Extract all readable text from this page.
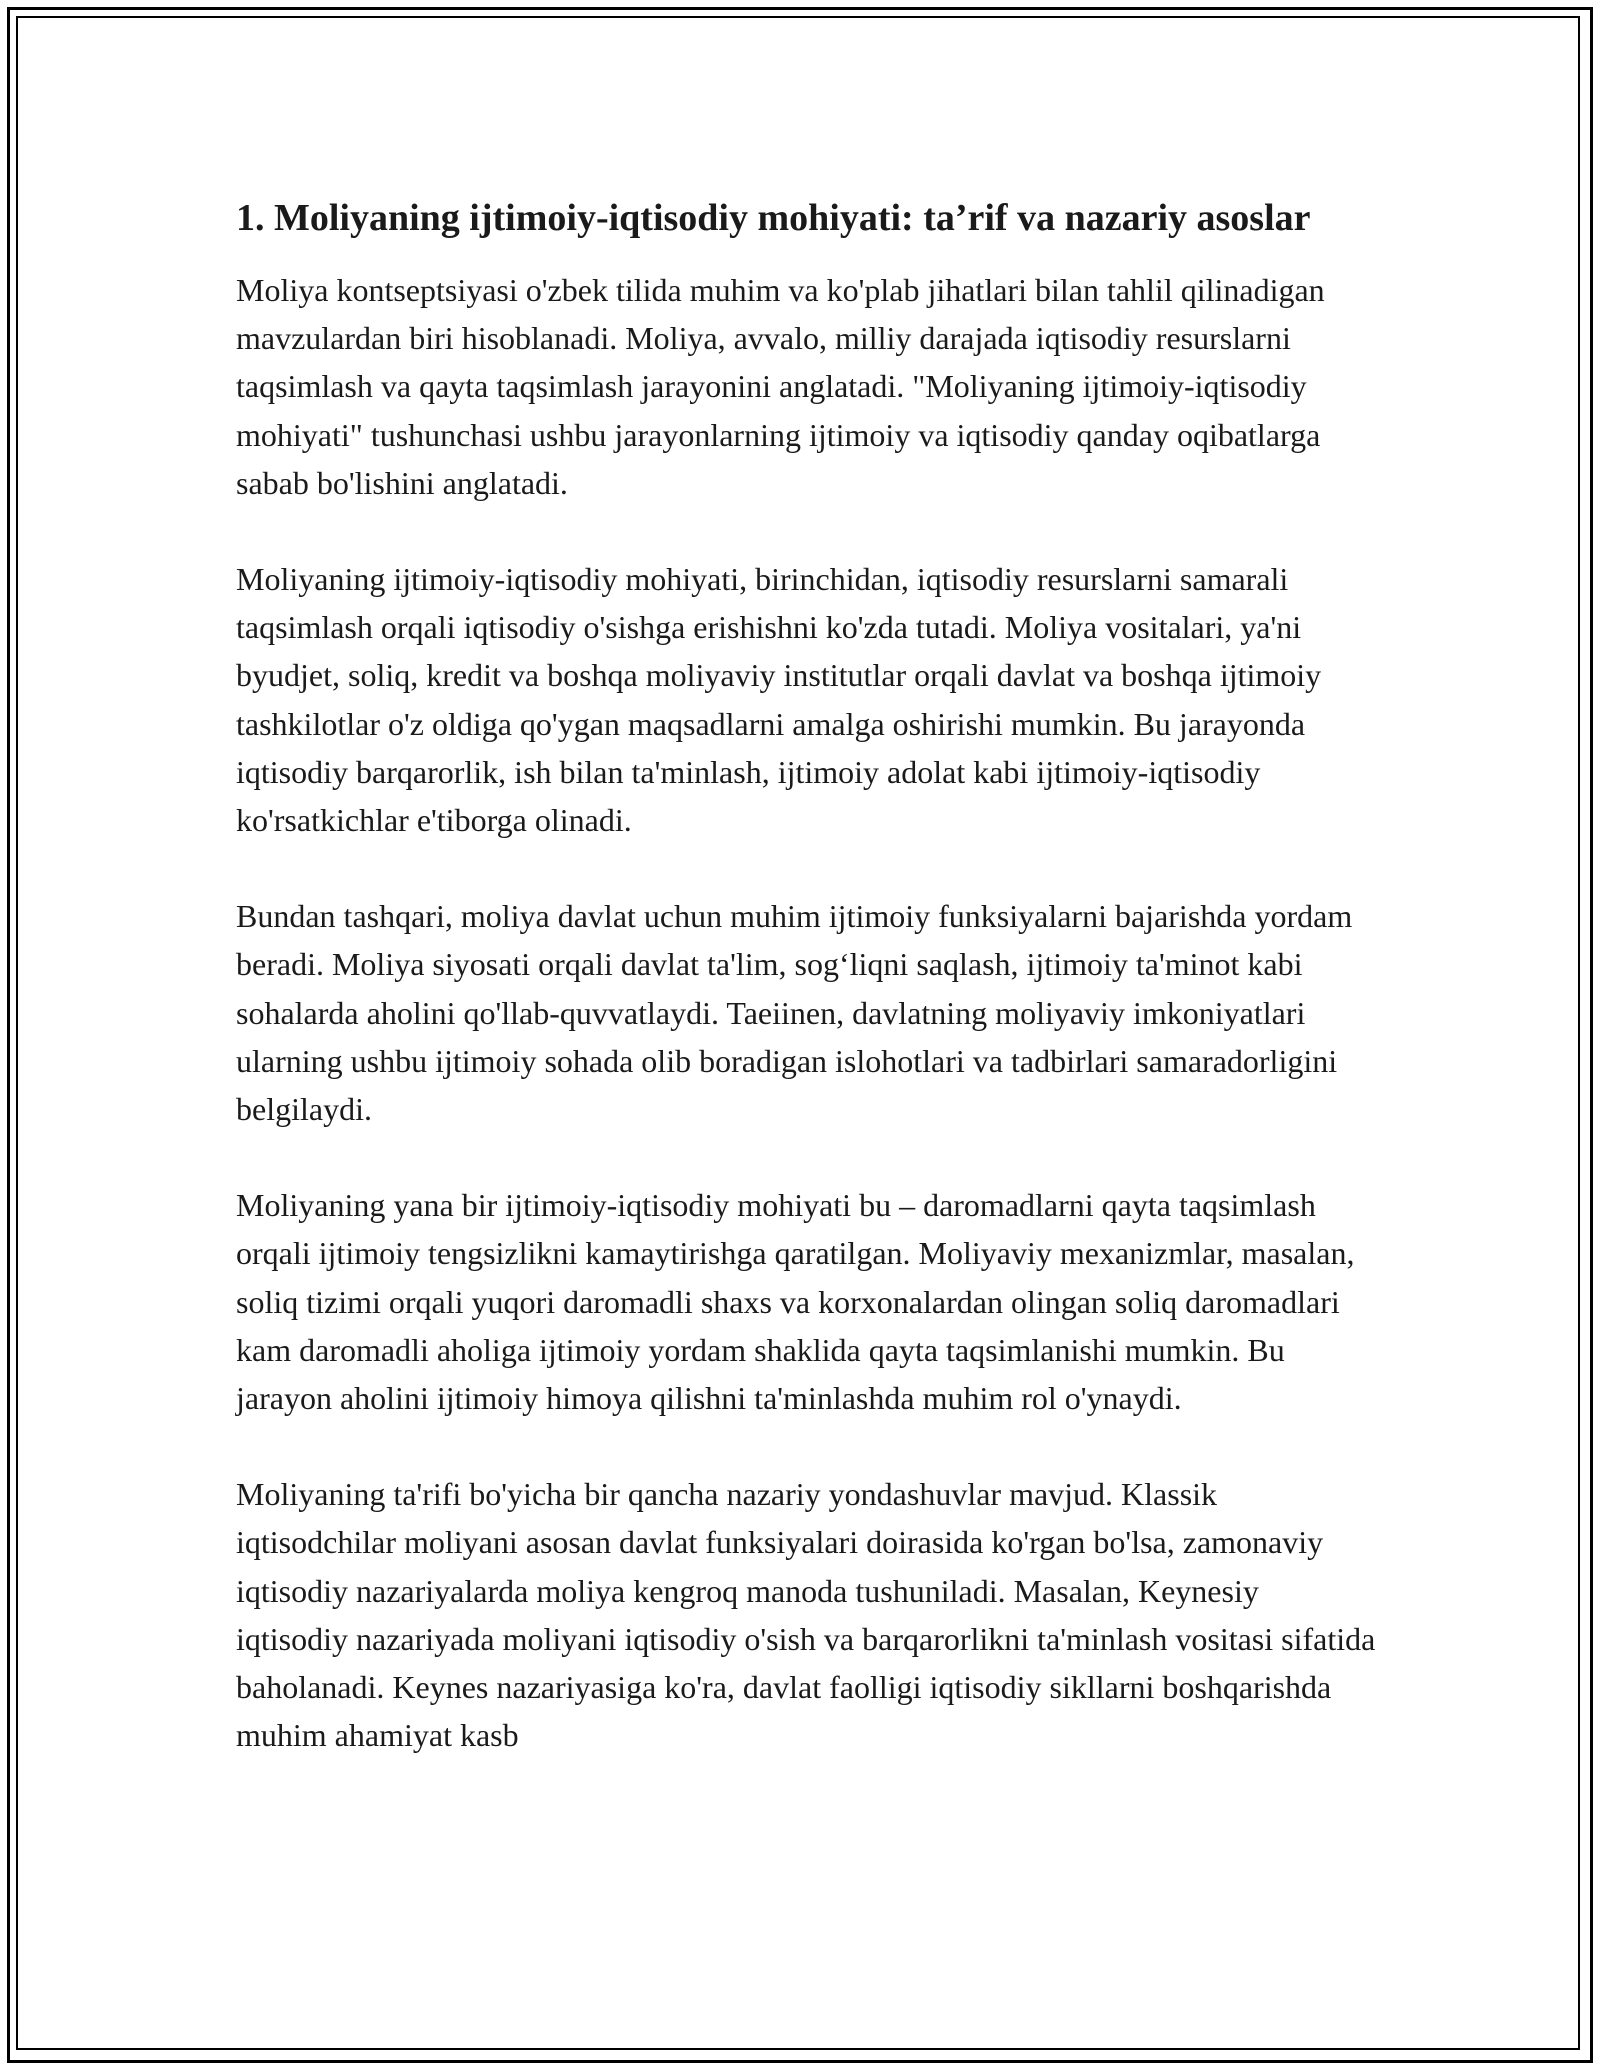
1. Moliyaning ijtimoiy-iqtisodiy mohiyati: ta’rif va nazariy asoslar

Moliya kontseptsiyasi o'zbek tilida muhim va ko'plab jihatlari bilan tahlil qilinadigan mavzulardan biri hisoblanadi. Moliya, avvalo, milliy darajada iqtisodiy resurslarni taqsimlash va qayta taqsimlash jarayonini anglatadi. "Moliyaning ijtimoiy-iqtisodiy mohiyati" tushunchasi ushbu jarayonlarning ijtimoiy va iqtisodiy qanday oqibatlarga sabab bo'lishini anglatadi.

Moliyaning ijtimoiy-iqtisodiy mohiyati, birinchidan, iqtisodiy resurslarni samarali taqsimlash orqali iqtisodiy o'sishga erishishni ko'zda tutadi. Moliya vositalari, ya'ni byudjet, soliq, kredit va boshqa moliyaviy institutlar orqali davlat va boshqa ijtimoiy tashkilotlar o'z oldiga qo'ygan maqsadlarni amalga oshirishi mumkin. Bu jarayonda iqtisodiy barqarorlik, ish bilan ta'minlash, ijtimoiy adolat kabi ijtimoiy-iqtisodiy ko'rsatkichlar e'tiborga olinadi.

Bundan tashqari, moliya davlat uchun muhim ijtimoiy funksiyalarni bajarishda yordam beradi. Moliya siyosati orqali davlat ta'lim, sog‘liqni saqlash, ijtimoiy ta'minot kabi sohalarda aholini qo'llab-quvvatlaydi. Taeiinen, davlatning moliyaviy imkoniyatlari ularning ushbu ijtimoiy sohada olib boradigan islohotlari va tadbirlari samaradorligini belgilaydi.

Moliyaning yana bir ijtimoiy-iqtisodiy mohiyati bu – daromadlarni qayta taqsimlash orqali ijtimoiy tengsizlikni kamaytirishga qaratilgan. Moliyaviy mexanizmlar, masalan, soliq tizimi orqali yuqori daromadli shaxs va korxonalardan olingan soliq daromadlari kam daromadli aholiga ijtimoiy yordam shaklida qayta taqsimlanishi mumkin. Bu jarayon aholini ijtimoiy himoya qilishni ta'minlashda muhim rol o'ynaydi.

Moliyaning ta'rifi bo'yicha bir qancha nazariy yondashuvlar mavjud. Klassik iqtisodchilar moliyani asosan davlat funksiyalari doirasida ko'rgan bo'lsa, zamonaviy iqtisodiy nazariyalarda moliya kengroq manoda tushuniladi. Masalan, Keynesiy iqtisodiy nazariyada moliyani iqtisodiy o'sish va barqarorlikni ta'minlash vositasi sifatida baholanadi. Keynes nazariyasiga ko'ra, davlat faolligi iqtisodiy sikllarni boshqarishda muhim ahamiyat kasb
